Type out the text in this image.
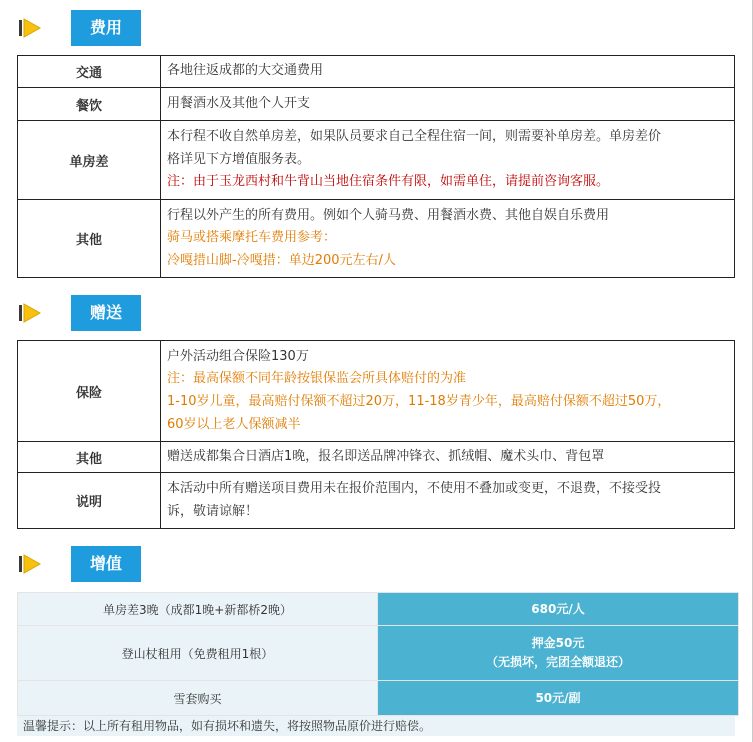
费用不含
交通	各地往返成都的大交通费用

餐饮	用餐酒水及其他个人开支

单房差	本行程不收自然单房差，如果队员要求自己全程住宿一间，则需要补单房差。单房差价
格详见下方增值服务表。
注：由于玉龙西村和牛背山当地住宿条件有限，如需单住，请提前咨询客服。

其他	行程以外产生的所有费用。例如个人骑马费、用餐酒水费、其他自娱自乐费用
骑马或搭乘摩托车费用参考：
冷嘎措山脚-冷嘎措：单边200元左右/人
赠送项目
保险	户外活动组合保险130万
注：最高保额不同年龄按银保监会所具体赔付的为准
1-10岁儿童，最高赔付保额不超过20万，11-18岁青少年，最高赔付保额不超过50万，
60岁以上老人保额减半

其他	赠送成都集合日酒店1晚，报名即送品牌冲锋衣、抓绒帽、魔术头巾、背包罩

说明	本活动中所有赠送项目费用未在报价范围内，不使用不叠加或变更，不退费，不接受投
诉，敬请谅解！
增值
单房差3晚（成都1晚+新都桥2晚）	680元/人

登山杖租用（免费租用1根）	押金50元
（无损坏，完团全额退还）

雪套购买	50元/副
温馨提示：以上所有租用物品，如有损坏和遗失，将按照物品原价进行赔偿。
